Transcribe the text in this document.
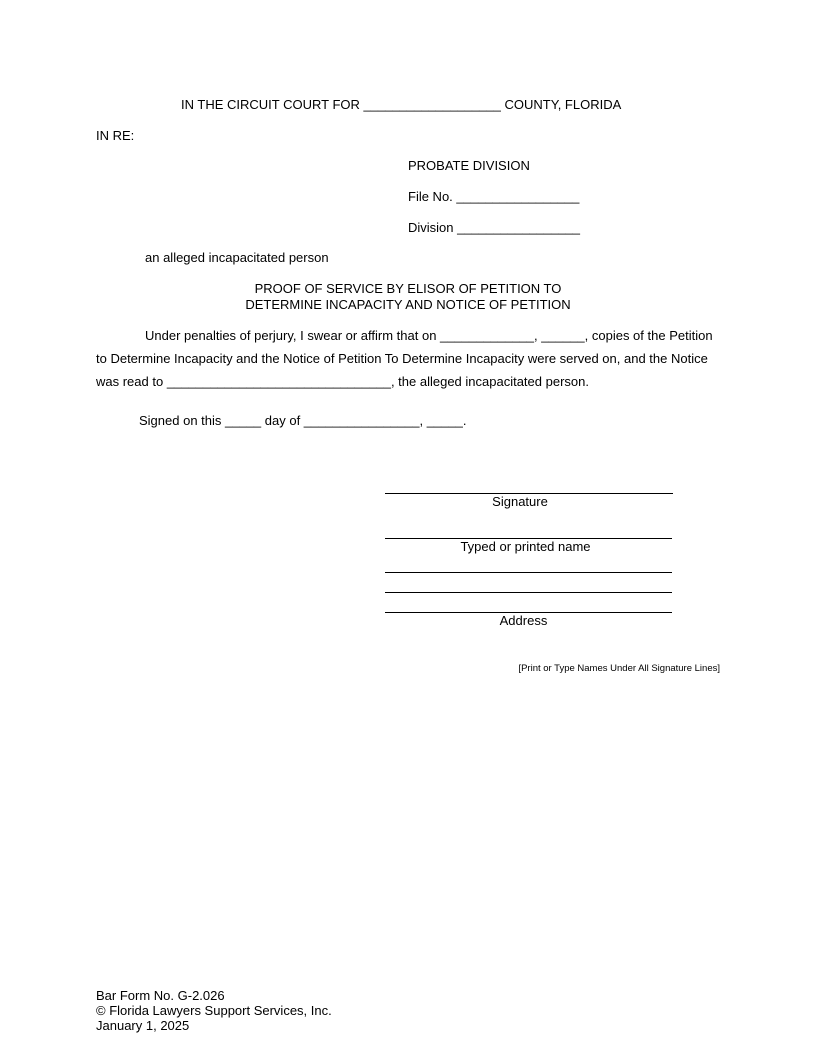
IN THE CIRCUIT COURT FOR ___________________ COUNTY, FLORIDA
IN RE:
PROBATE DIVISION
File No. _________________
Division _________________
an alleged incapacitated person
PROOF OF SERVICE BY ELISOR OF PETITION TO
DETERMINE INCAPACITY AND NOTICE OF PETITION
Under penalties of perjury, I swear or affirm that on _____________, ______, copies of the Petition
to Determine Incapacity and the Notice of Petition To Determine Incapacity were served on, and the Notice
was read to _______________________________, the alleged incapacitated person.
Signed on this _____ day of ________________, _____.
Signature
Typed or printed name
Address
[Print or Type Names Under All Signature Lines]
Bar Form No. G-2.026
© Florida Lawyers Support Services, Inc.
January 1, 2025
